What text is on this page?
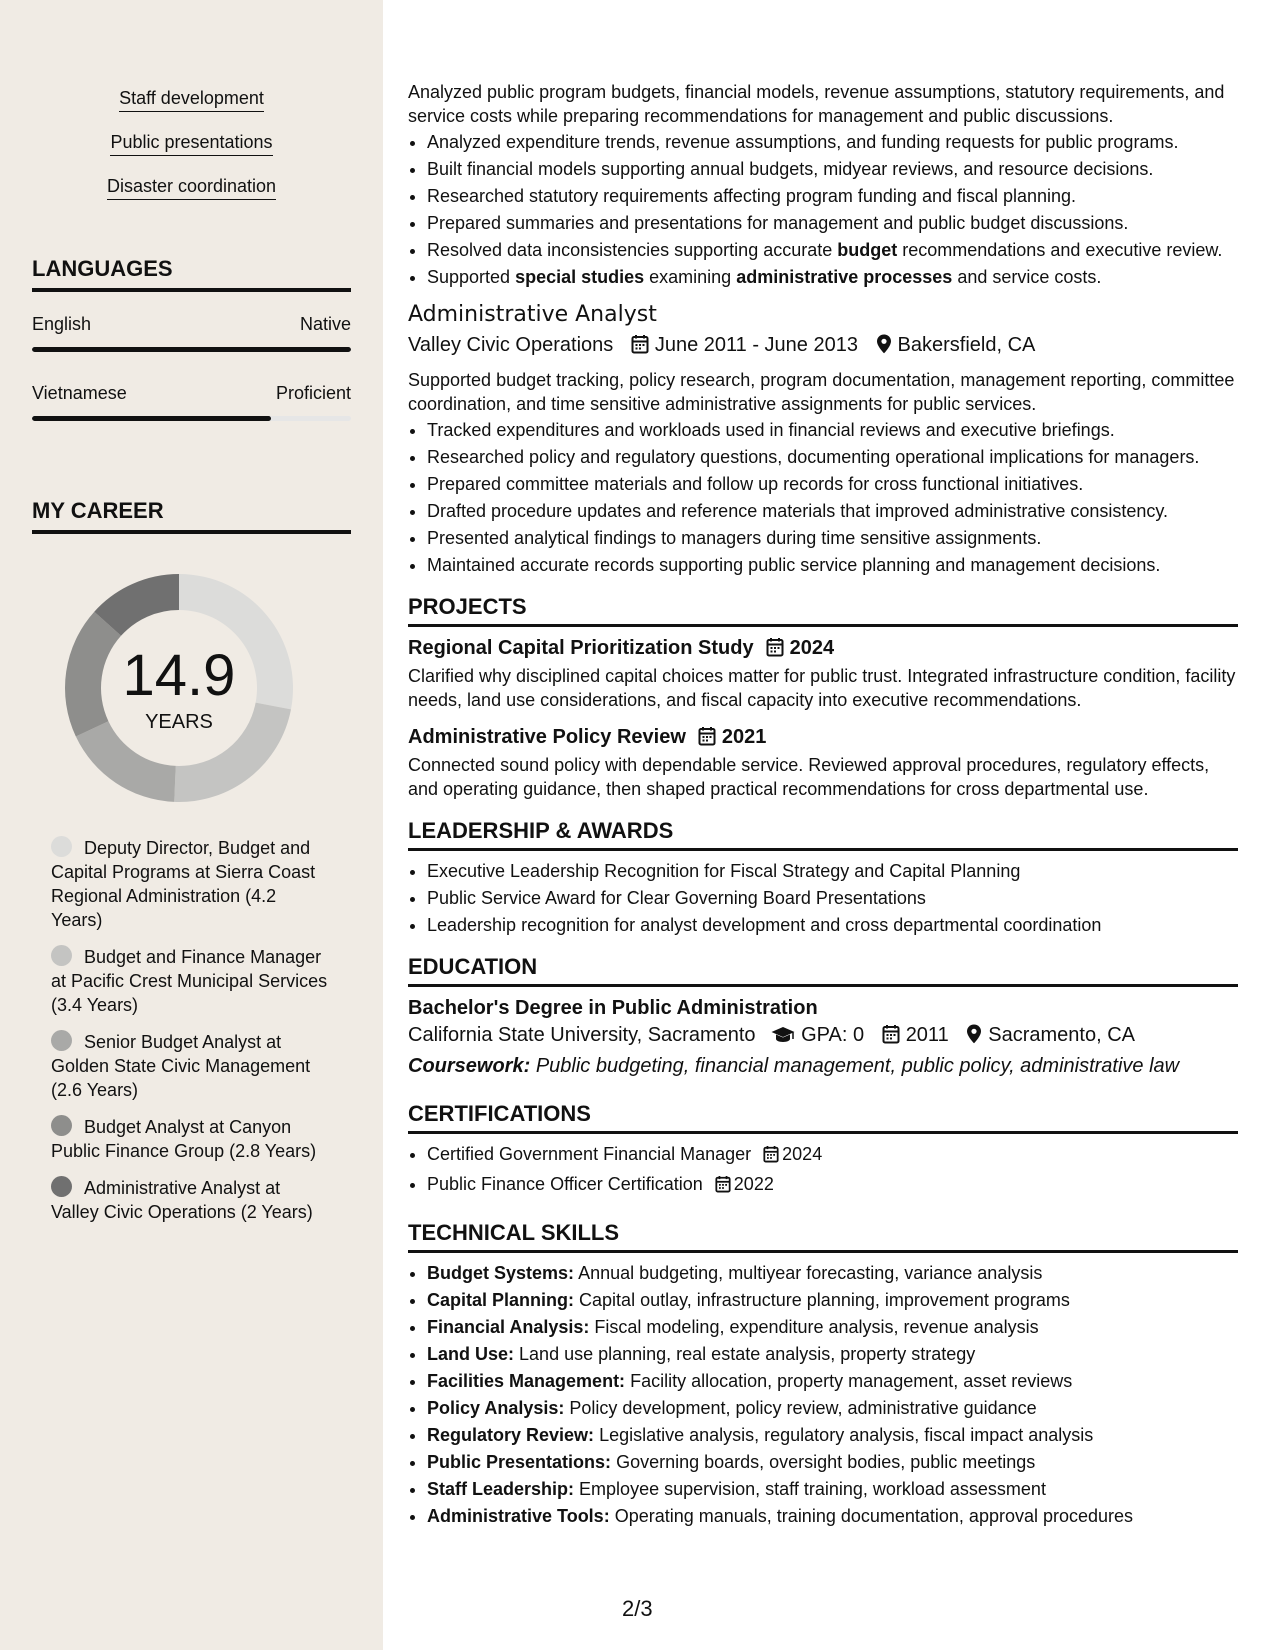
Staff development
Public presentations
Disaster coordination
LANGUAGES
English	Native
Vietnamese	Proficient
MY CAREER
14.9
YEARS
Deputy Director, Budget and Capital Programs at Sierra Coast Regional Administration (4.2 Years)
Budget and Finance Manager at Pacific Crest Municipal Services (3.4 Years)
Senior Budget Analyst at Golden State Civic Management (2.6 Years)
Budget Analyst at Canyon Public Finance Group (2.8 Years)
Administrative Analyst at Valley Civic Operations (2 Years)

Analyzed public program budgets, financial models, revenue assumptions, statutory requirements, and service costs while preparing recommendations for management and public discussions.

• Analyzed expenditure trends, revenue assumptions, and funding requests for public programs.
• Built financial models supporting annual budgets, midyear reviews, and resource decisions.
• Researched statutory requirements affecting program funding and fiscal planning.
• Prepared summaries and presentations for management and public budget discussions.
• Resolved data inconsistencies supporting accurate budget recommendations and executive review.
• Supported special studies examining administrative processes and service costs.
Administrative Analyst
Valley Civic Operations June 2011 - June 2013 Bakersfield, CA

Supported budget tracking, policy research, program documentation, management reporting, committee coordination, and time sensitive administrative assignments for public services.

• Tracked expenditures and workloads used in financial reviews and executive briefings.
• Researched policy and regulatory questions, documenting operational implications for managers.
• Prepared committee materials and follow up records for cross functional initiatives.
• Drafted procedure updates and reference materials that improved administrative consistency.
• Presented analytical findings to managers during time sensitive assignments.
• Maintained accurate records supporting public service planning and management decisions.
PROJECTS
Regional Capital Prioritization Study 2024

Clarified why disciplined capital choices matter for public trust. Integrated infrastructure condition, facility needs, land use considerations, and fiscal capacity into executive recommendations.

Administrative Policy Review 2021

Connected sound policy with dependable service. Reviewed approval procedures, regulatory effects, and operating guidance, then shaped practical recommendations for cross departmental use.

LEADERSHIP & AWARDS
• Executive Leadership Recognition for Fiscal Strategy and Capital Planning
• Public Service Award for Clear Governing Board Presentations
• Leadership recognition for analyst development and cross departmental coordination
EDUCATION
Bachelor's Degree in Public Administration
California State University, Sacramento GPA: 0 2011 Sacramento, CA
Coursework: Public budgeting, financial management, public policy, administrative law
CERTIFICATIONS
• Certified Government Financial Manager 2024
• Public Finance Officer Certification 2022
TECHNICAL SKILLS
• Budget Systems: Annual budgeting, multiyear forecasting, variance analysis
• Capital Planning: Capital outlay, infrastructure planning, improvement programs
• Financial Analysis: Fiscal modeling, expenditure analysis, revenue analysis
• Land Use: Land use planning, real estate analysis, property strategy
• Facilities Management: Facility allocation, property management, asset reviews
• Policy Analysis: Policy development, policy review, administrative guidance
• Regulatory Review: Legislative analysis, regulatory analysis, fiscal impact analysis
• Public Presentations: Governing boards, oversight bodies, public meetings
• Staff Leadership: Employee supervision, staff training, workload assessment
• Administrative Tools: Operating manuals, training documentation, approval procedures
2/3
